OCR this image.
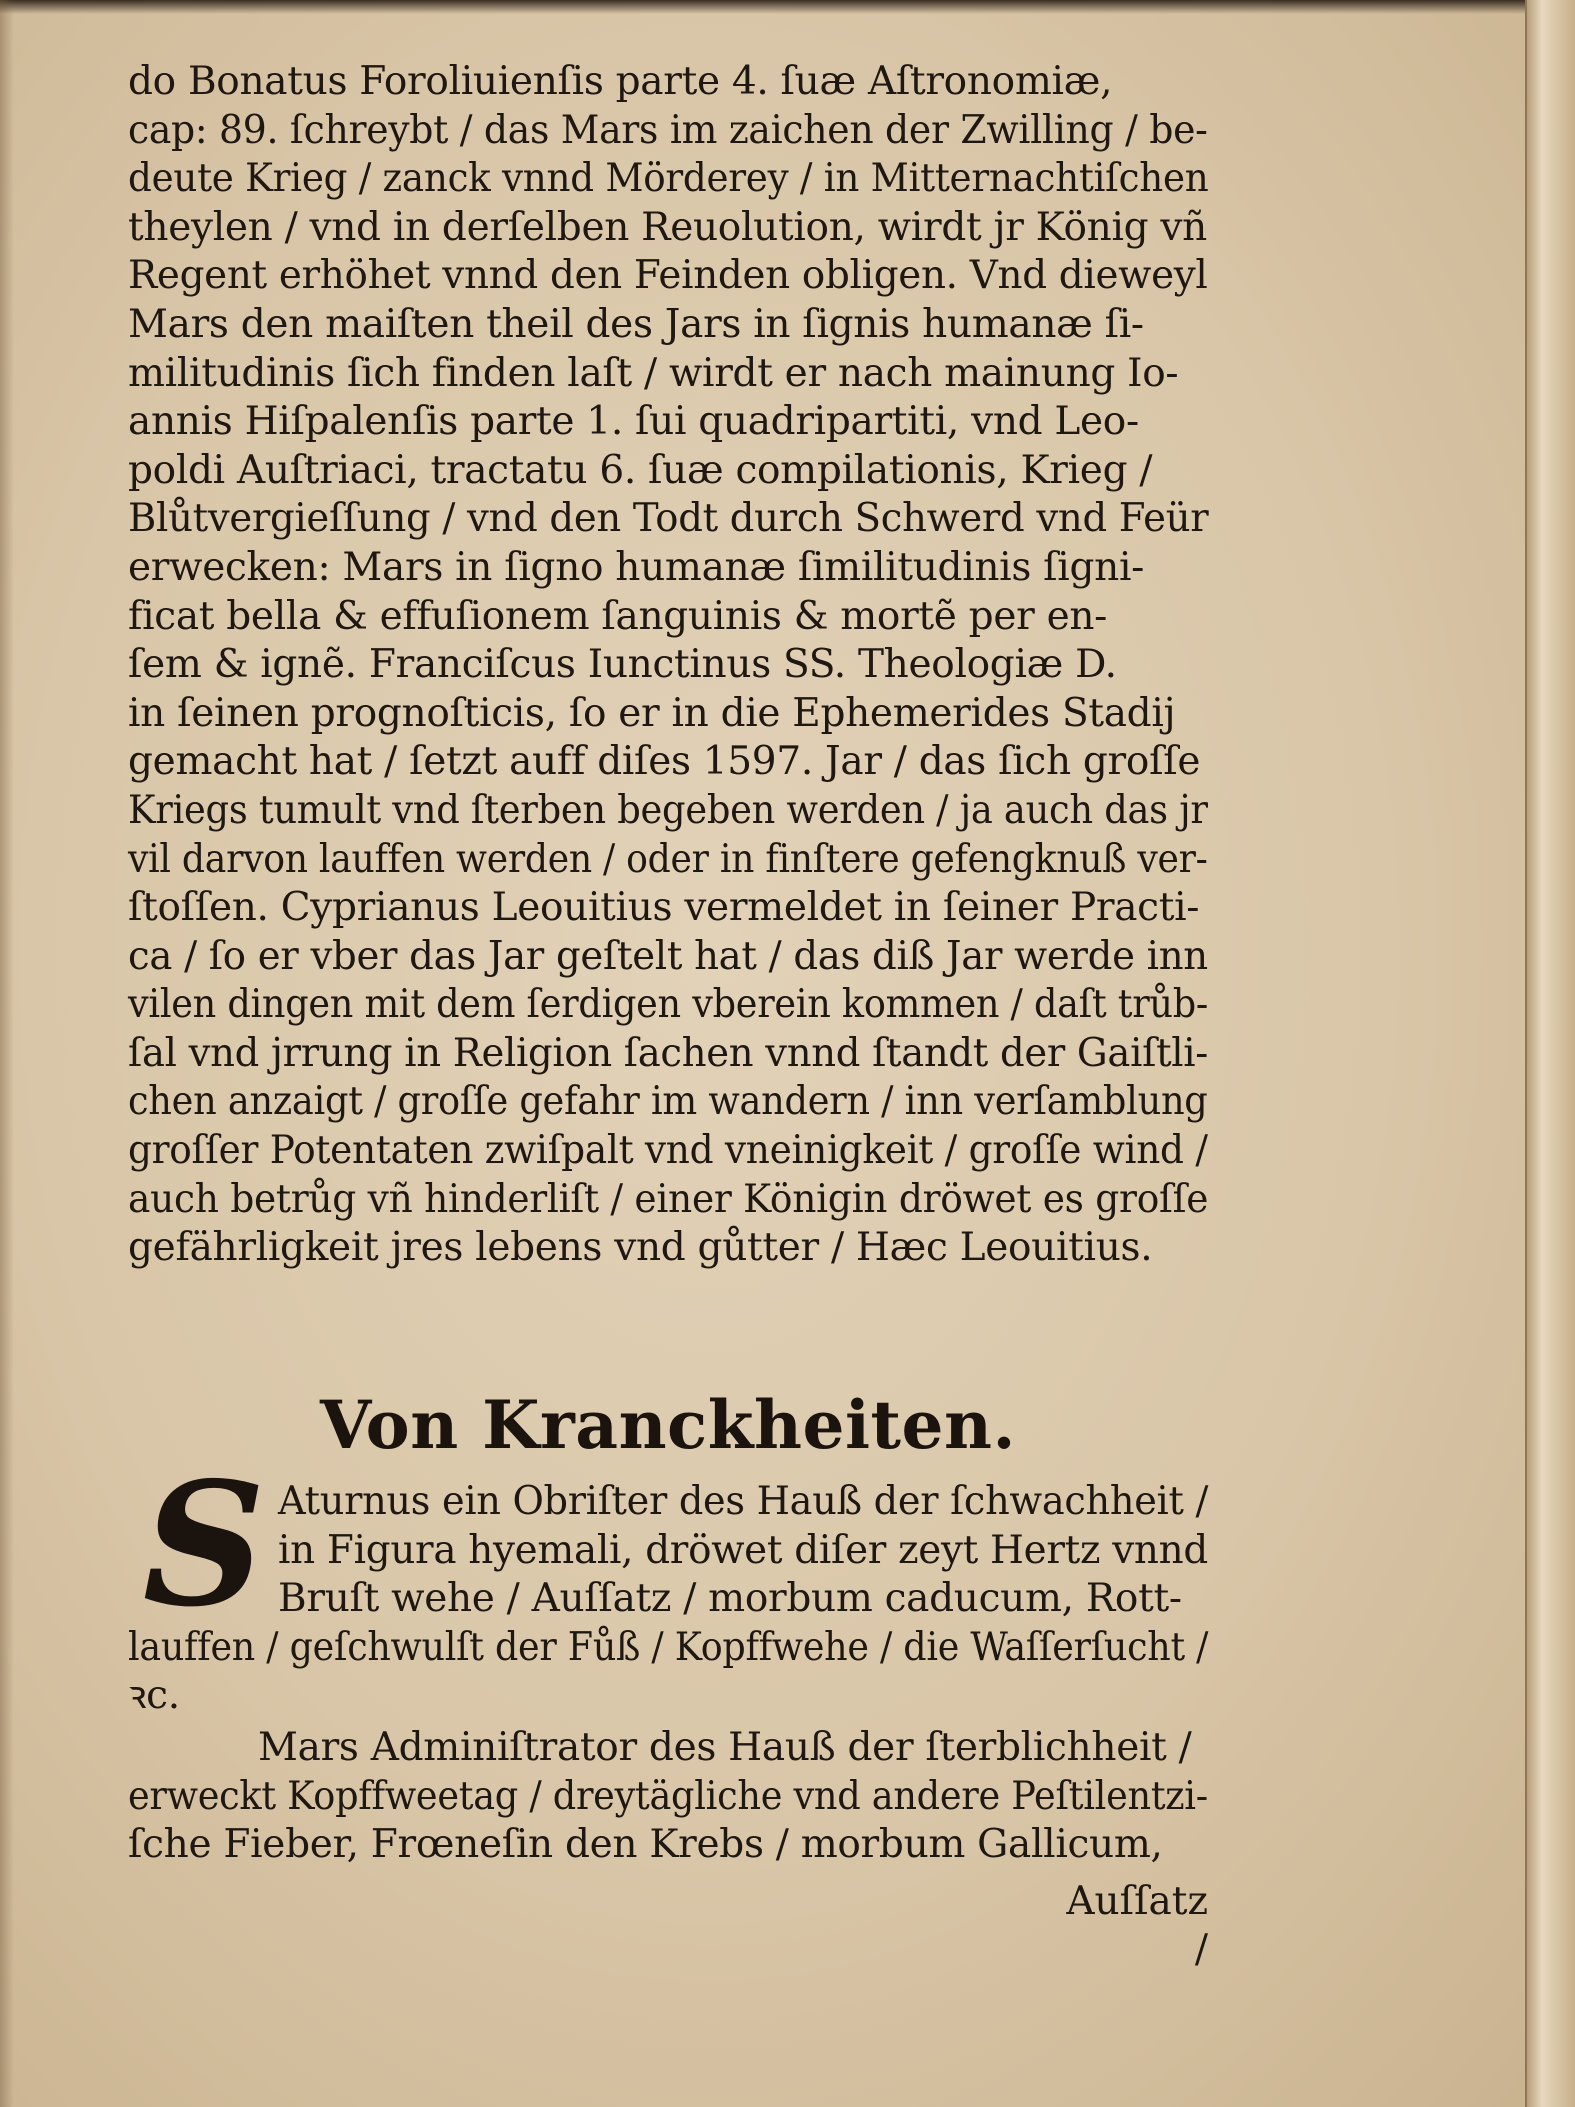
do Bonatus Foroliuienſis parte 4. ſuæ Aſtronomiæ,
cap: 89. ſchreybt / das Mars im zaichen der Zwilling / be-
deute Krieg / zanck vnnd Mörderey / in Mitternachtiſchen
theylen / vnd in derſelben Reuolution, wirdt jr König vñ
Regent erhöhet vnnd den Feinden obligen. Vnd dieweyl
Mars den maiſten theil des Jars in ſignis humanæ ſi-
militudinis ſich finden laſt / wirdt er nach mainung Io-
annis Hiſpalenſis parte 1. ſui quadripartiti, vnd Leo-
poldi Auſtriaci, tractatu 6. ſuæ compilationis, Krieg /
Blůtvergieſſung / vnd den Todt durch Schwerd vnd Feür
erwecken: Mars in ſigno humanæ ſimilitudinis ſigni-
ficat bella & effuſionem ſanguinis & mortẽ per en-
ſem & ignẽ. Franciſcus Iunctinus SS. Theologiæ D.
in ſeinen prognoſticis, ſo er in die Ephemerides Stadij
gemacht hat / ſetzt auff diſes 1597. Jar / das ſich groſſe
Kriegs tumult vnd ſterben begeben werden / ja auch das jr
vil darvon lauffen werden / oder in finſtere gefengknuß ver-
ſtoſſen. Cyprianus Leouitius vermeldet in ſeiner Practi-
ca / ſo er vber das Jar geſtelt hat / das diß Jar werde inn
vilen dingen mit dem ſerdigen vberein kommen / daſt trůb-
ſal vnd jrrung in Religion ſachen vnnd ſtandt der Gaiſtli-
chen anzaigt / groſſe gefahr im wandern / inn verſamblung
groſſer Potentaten zwiſpalt vnd vneinigkeit / groſſe wind /
auch betrůg vñ hinderliſt / einer Königin dröwet es groſſe
gefährligkeit jres lebens vnd gůtter / Hæc Leouitius.
Von Kranckheiten.
S Aturnus ein Obriſter des Hauß der ſchwachheit /
in Figura hyemali, dröwet diſer zeyt Hertz vnnd
Bruſt wehe / Auſſatz / morbum caducum, Rott-
lauffen / geſchwulſt der Fůß / Kopffwehe / die Waſſerſucht /
ꝛc.
Mars Adminiſtrator des Hauß der ſterblichheit /
erweckt Kopffweetag / dreytägliche vnd andere Peſtilentzi-
ſche Fieber, Frœneſin den Krebs / morbum Gallicum,
Auſſatz /
